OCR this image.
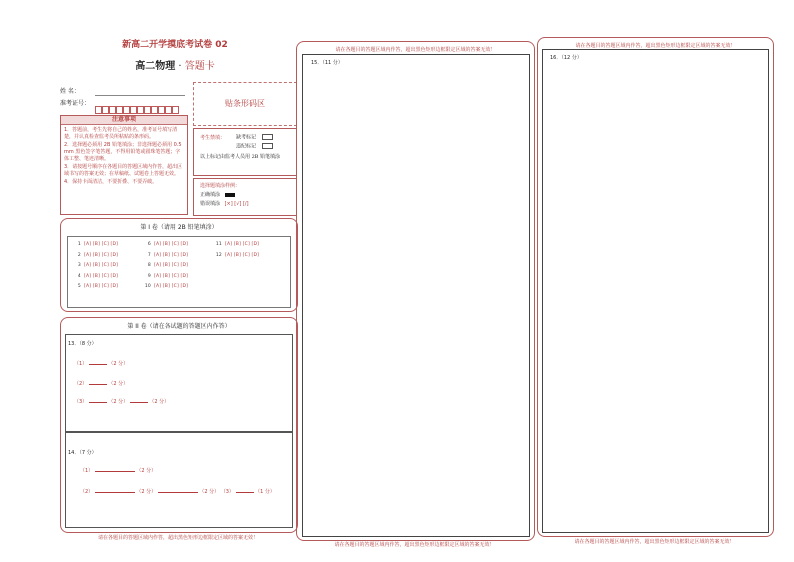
新高二开学摸底考试卷 02
高二物理 · 答题卡
姓 名：
准考证号：	贴条形码区
注意事项
1．答题前，考生先将自己的姓名，准考证号填写清楚，并认真检查监考员所粘贴的条形码。
2．选择题必须用 2B 铅笔填涂；非选择题必须用 0.5 mm 黑色签字笔答题，不得用铅笔或圆珠笔答题；字体工整、笔迹清晰。
3．请按题号顺序在各题目的答题区域内作答，超出区域书写的答案无效；在草稿纸、试题卷上答题无效。
4．保持卡面清洁，不要折叠、不要弄破。
考生禁填： 缺考标记
违纪标记
以上标记由监考人员用 2B 铅笔填涂
选择题填涂样例：
正确填涂
错误填涂 [×] [√] [/]
第 I 卷（请用 2B 铅笔填涂）
1 [A] [B] [C] [D]
2 [A] [B] [C] [D]
3 [A] [B] [C] [D]
4 [A] [B] [C] [D]
5 [A] [B] [C] [D]
6 [A] [B] [C] [D]
7 [A] [B] [C] [D]
8 [A] [B] [C] [D]
9 [A] [B] [C] [D]
10 [A] [B] [C] [D]
11 [A] [B] [C] [D]
12 [A] [B] [C] [D]
第 II 卷（请在各试题的答题区内作答）
13．（8 分）
（1）	（2 分）
（2）	（2 分）
（3）	（2 分）	（2 分）
14．（7 分）
（1）	（2 分）
（2）	（2 分）	（2 分） （3）	（1 分）
请在各题目的答题区域内作答，超出黑色矩形边框限定区域的答案无效！
请在各题目的答题区域内作答，超出黑色矩形边框限定区域的答案无效！
15．（11 分）
请在各题目的答题区域内作答，超出黑色矩形边框限定区域的答案无效！
请在各题目的答题区域内作答，超出黑色矩形边框限定区域的答案无效！
16．（12 分）
请在各题目的答题区域内作答，超出黑色矩形边框限定区域的答案无效！
